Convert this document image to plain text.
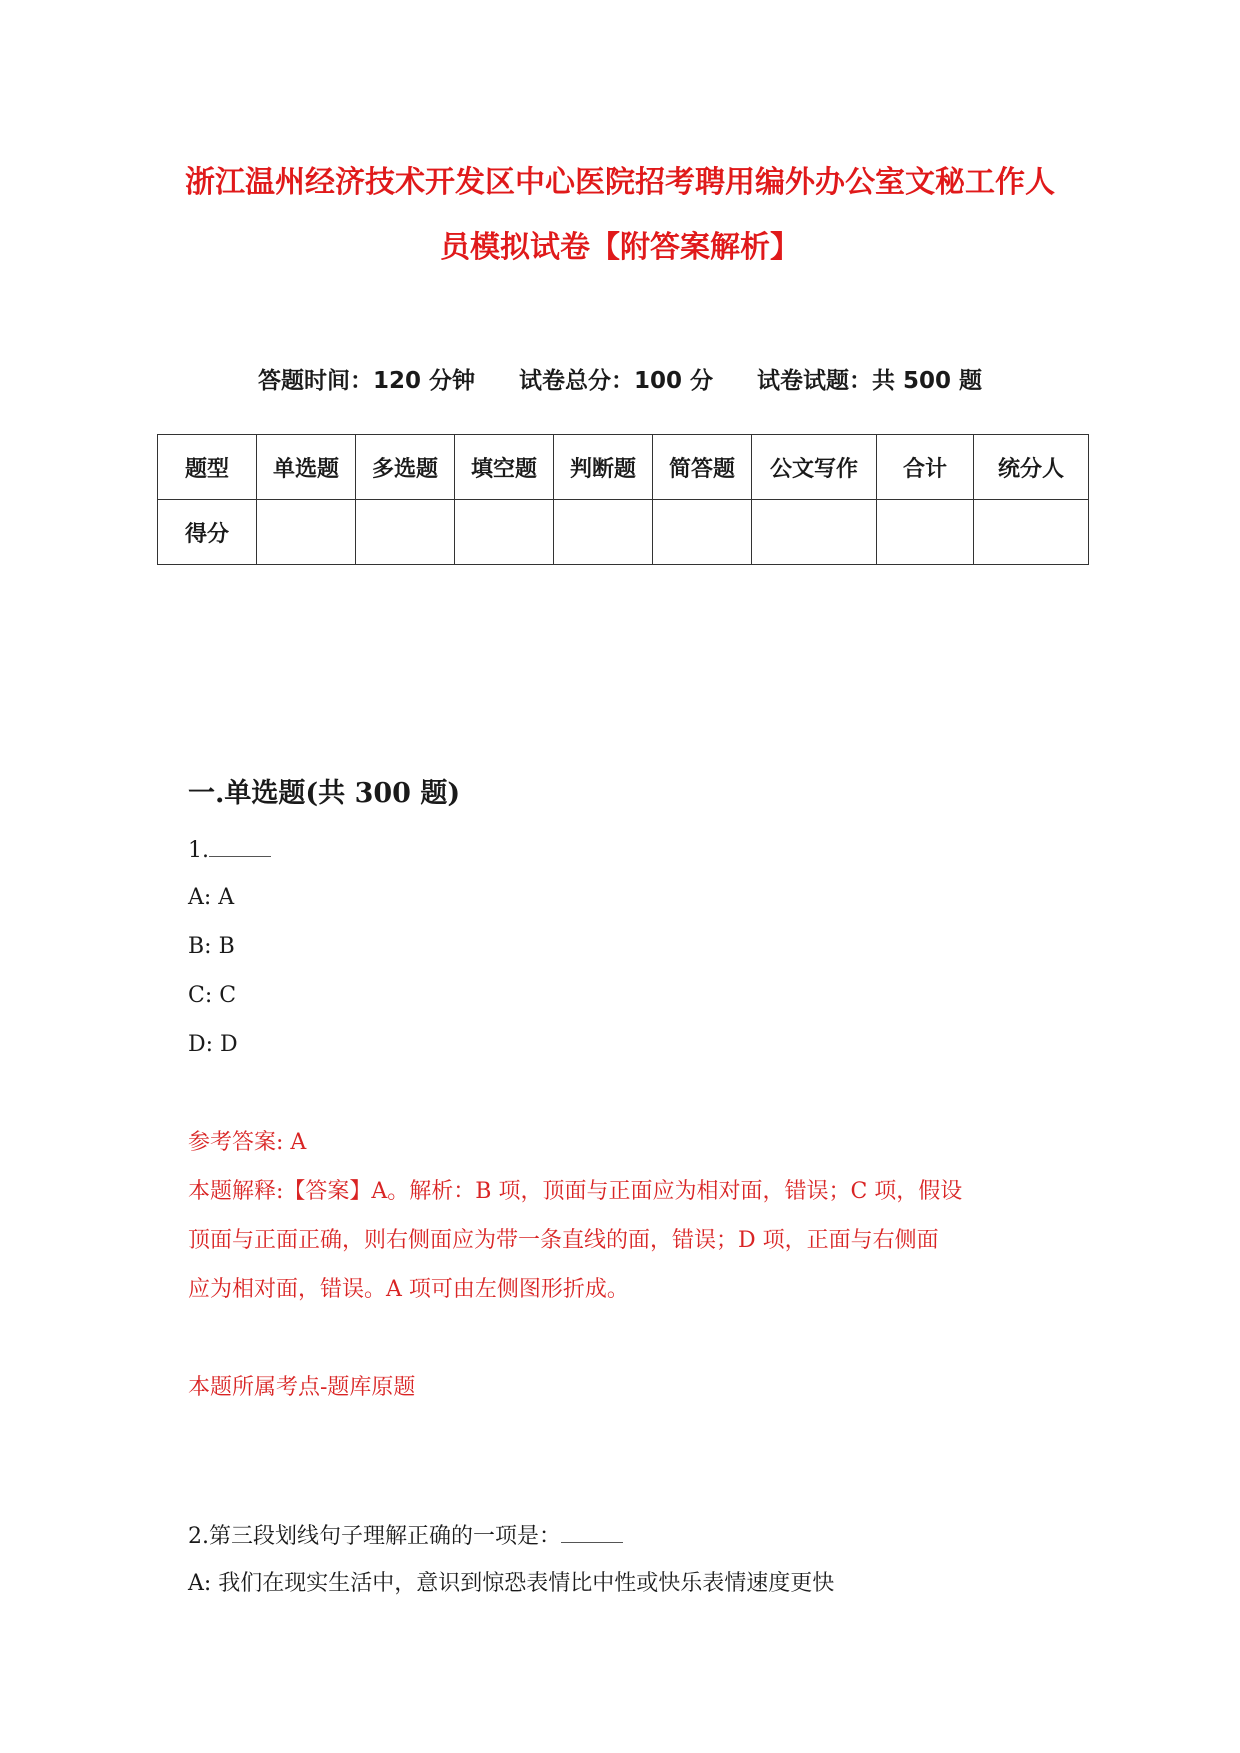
浙江温州经济技术开发区中心医院招考聘用编外办公室文秘工作人
员模拟试卷【附答案解析】
答题时间：120 分钟 试卷总分：100 分 试卷试题：共 500 题
题型	单选题	多选题	填空题	判断题	简答题	公文写作	合计	统分人
得分								
一.单选题(共 300 题)
1.
A: A
B: B
C: C
D: D
参考答案: A
本题解释:【答案】A。解析：B 项，顶面与正面应为相对面，错误；C 项，假设
顶面与正面正确，则右侧面应为带一条直线的面，错误；D 项，正面与右侧面
应为相对面，错误。A 项可由左侧图形折成。
本题所属考点-题库原题
2.第三段划线句子理解正确的一项是：
A: 我们在现实生活中，意识到惊恐表情比中性或快乐表情速度更快
